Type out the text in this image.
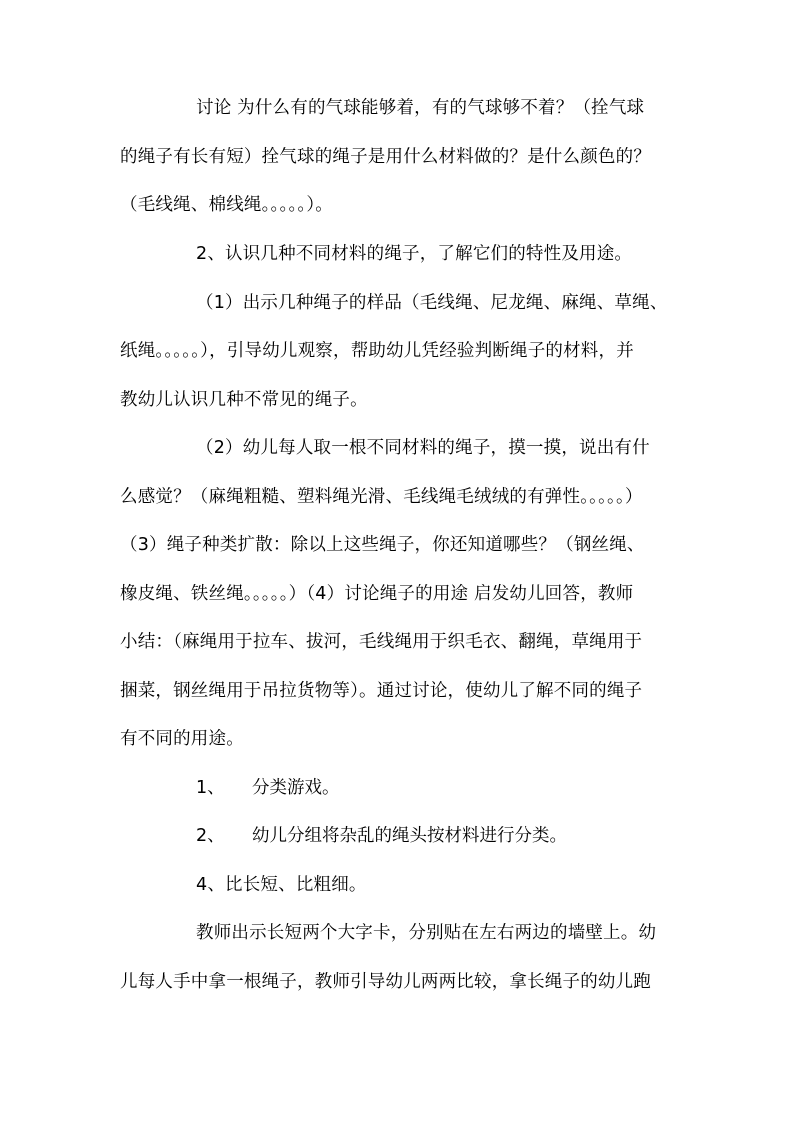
讨论 为什么有的气球能够着，有的气球够不着？（拴气球
的绳子有长有短）拴气球的绳子是用什么材料做的？是什么颜色的？
（毛线绳、棉线绳。。。。。）。
2、认识几种不同材料的绳子，了解它们的特性及用途。
（1）出示几种绳子的样品（毛线绳、尼龙绳、麻绳、草绳、
纸绳。。。。。），引导幼儿观察，帮助幼儿凭经验判断绳子的材料，并
教幼儿认识几种不常见的绳子。
（2）幼儿每人取一根不同材料的绳子，摸一摸，说出有什
么感觉？（麻绳粗糙、塑料绳光滑、毛线绳毛绒绒的有弹性。。。。。）
（3）绳子种类扩散：除以上这些绳子，你还知道哪些？（钢丝绳、
橡皮绳、铁丝绳。。。。。）（4）讨论绳子的用途 启发幼儿回答，教师
小结：（麻绳用于拉车、拔河，毛线绳用于织毛衣、翻绳，草绳用于
捆菜，钢丝绳用于吊拉货物等）。通过讨论，使幼儿了解不同的绳子
有不同的用途。
1、 分类游戏。
2、 幼儿分组将杂乱的绳头按材料进行分类。
4、比长短、比粗细。
教师出示长短两个大字卡，分别贴在左右两边的墙壁上。幼
儿每人手中拿一根绳子，教师引导幼儿两两比较，拿长绳子的幼儿跑
